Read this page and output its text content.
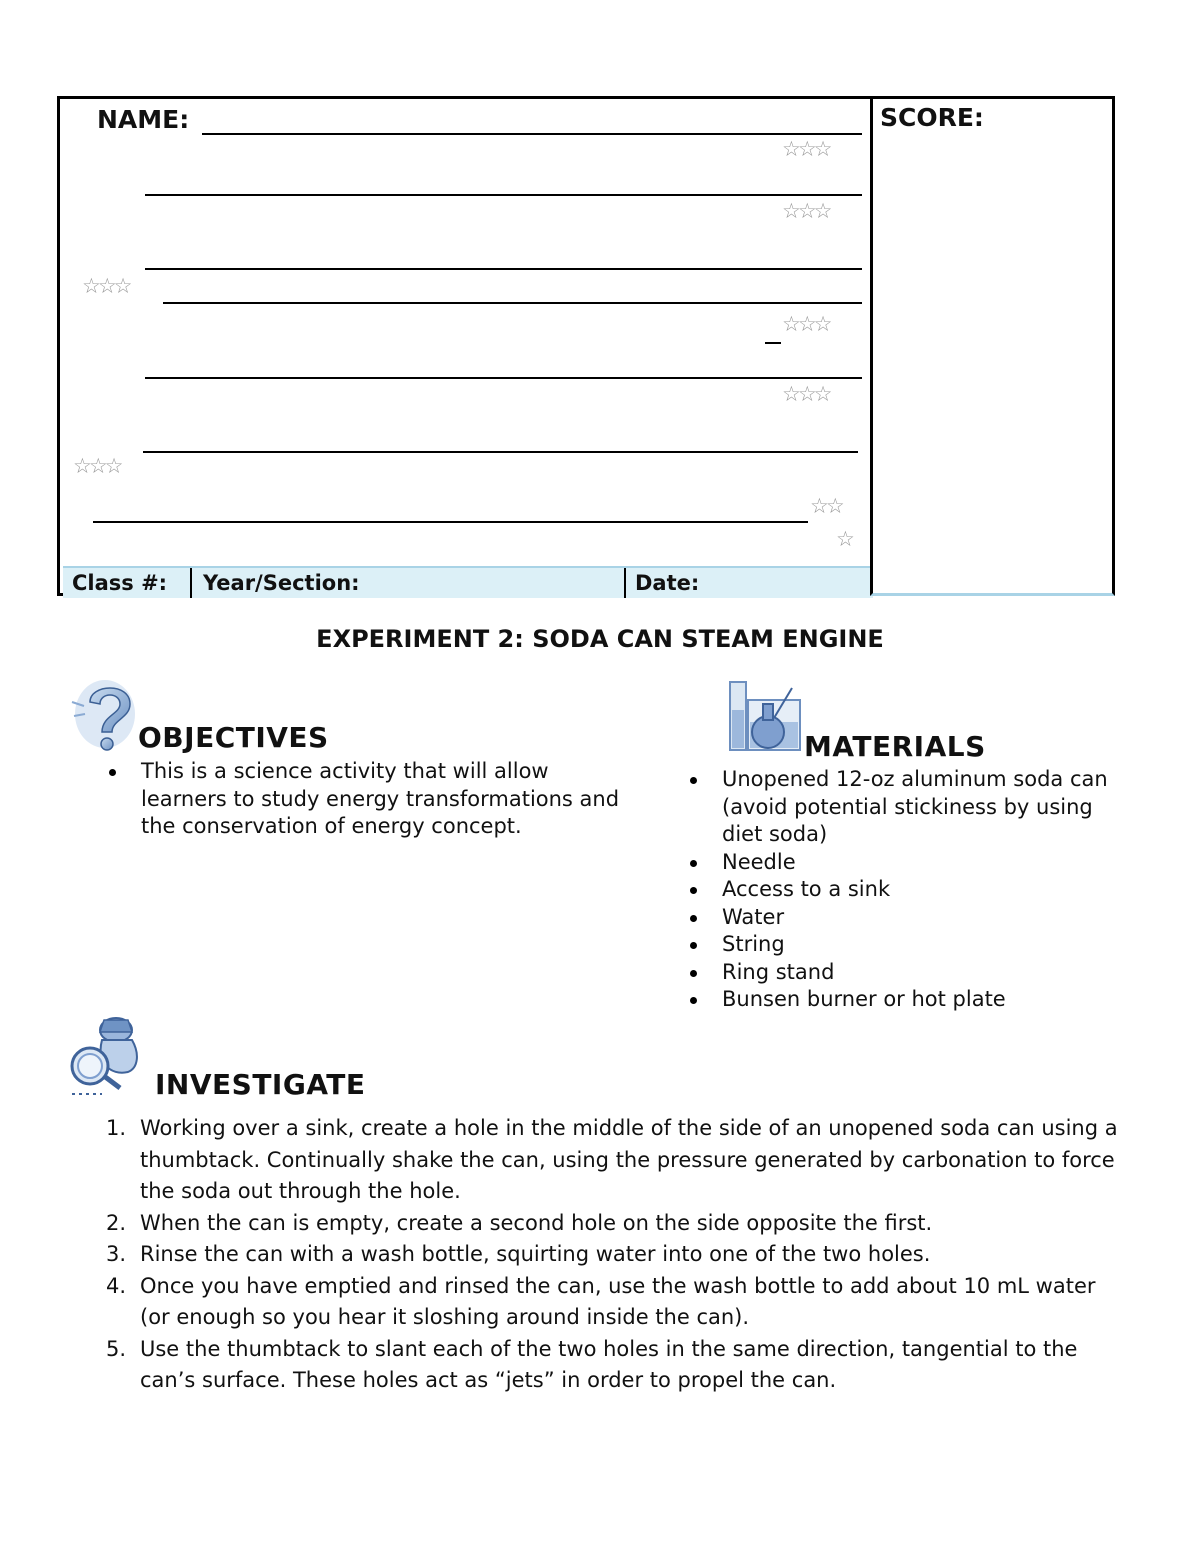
NAME:
☆☆☆
☆☆☆
☆☆☆
☆☆☆
☆☆☆
☆☆☆
☆☆
☆
Class #: Year/Section:	Date:
SCORE:
EXPERIMENT 2: SODA CAN STEAM ENGINE
OBJECTIVES
This is a science activity that will allow learners to study energy transformations and the conservation of energy concept.
MATERIALS
Unopened 12-oz aluminum soda can (avoid potential stickiness by using diet soda)
Needle
Access to a sink
Water
String
Ring stand
Bunsen burner or hot plate
INVESTIGATE
1. Working over a sink, create a hole in the middle of the side of an unopened soda can using a thumbtack. Continually shake the can, using the pressure generated by carbonation to force the soda out through the hole.
2. When the can is empty, create a second hole on the side opposite the first.
3. Rinse the can with a wash bottle, squirting water into one of the two holes.
4. Once you have emptied and rinsed the can, use the wash bottle to add about 10 mL water (or enough so you hear it sloshing around inside the can).
5. Use the thumbtack to slant each of the two holes in the same direction, tangential to the can’s surface. These holes act as “jets” in order to propel the can.
